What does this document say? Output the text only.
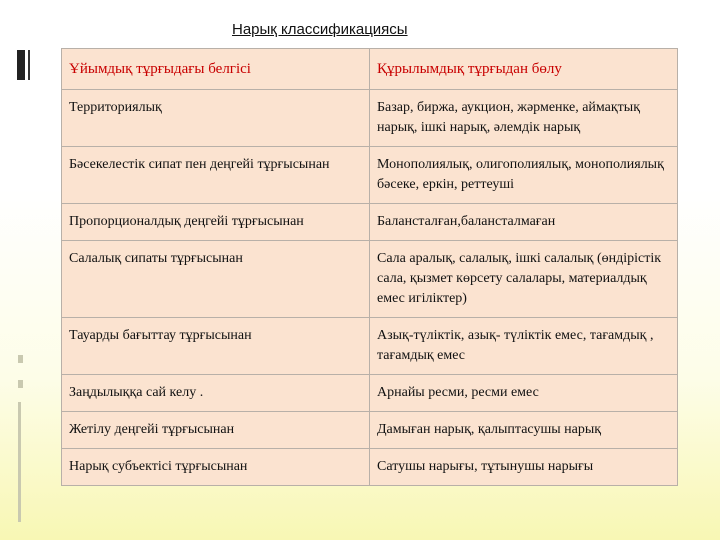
Нарық классификациясы
Ұйымдық тұрғыдағы белгісі	Құрылымдық тұрғыдан бөлу
Территориялық	Базар, биржа, аукцион, жәрменке, аймақтық нарық, ішкі нарық, әлемдік нарық
Бәсекелестік сипат пен деңгейі тұрғысынан	Монополиялық, олигополиялық, монополиялық бәсеке, еркін, реттеуші
Пропорционалдық деңгейі тұрғысынан	Балансталған,балансталмаған
Салалық сипаты тұрғысынан	Сала аралық, салалық, ішкі салалық (өндірістік сала, қызмет көрсету салалары, материалдық емес игіліктер)
Тауарды бағыттау тұрғысынан	Азық-түліктік, азық- түліктік емес, тағамдық , тағамдық емес
Заңдылыққа сай келу .	Арнайы ресми, ресми емес
Жетілу деңгейі тұрғысынан	Дамыған нарық, қалыптасушы нарық
Нарық субъектісі тұрғысынан	Сатушы нарығы, тұтынушы нарығы
